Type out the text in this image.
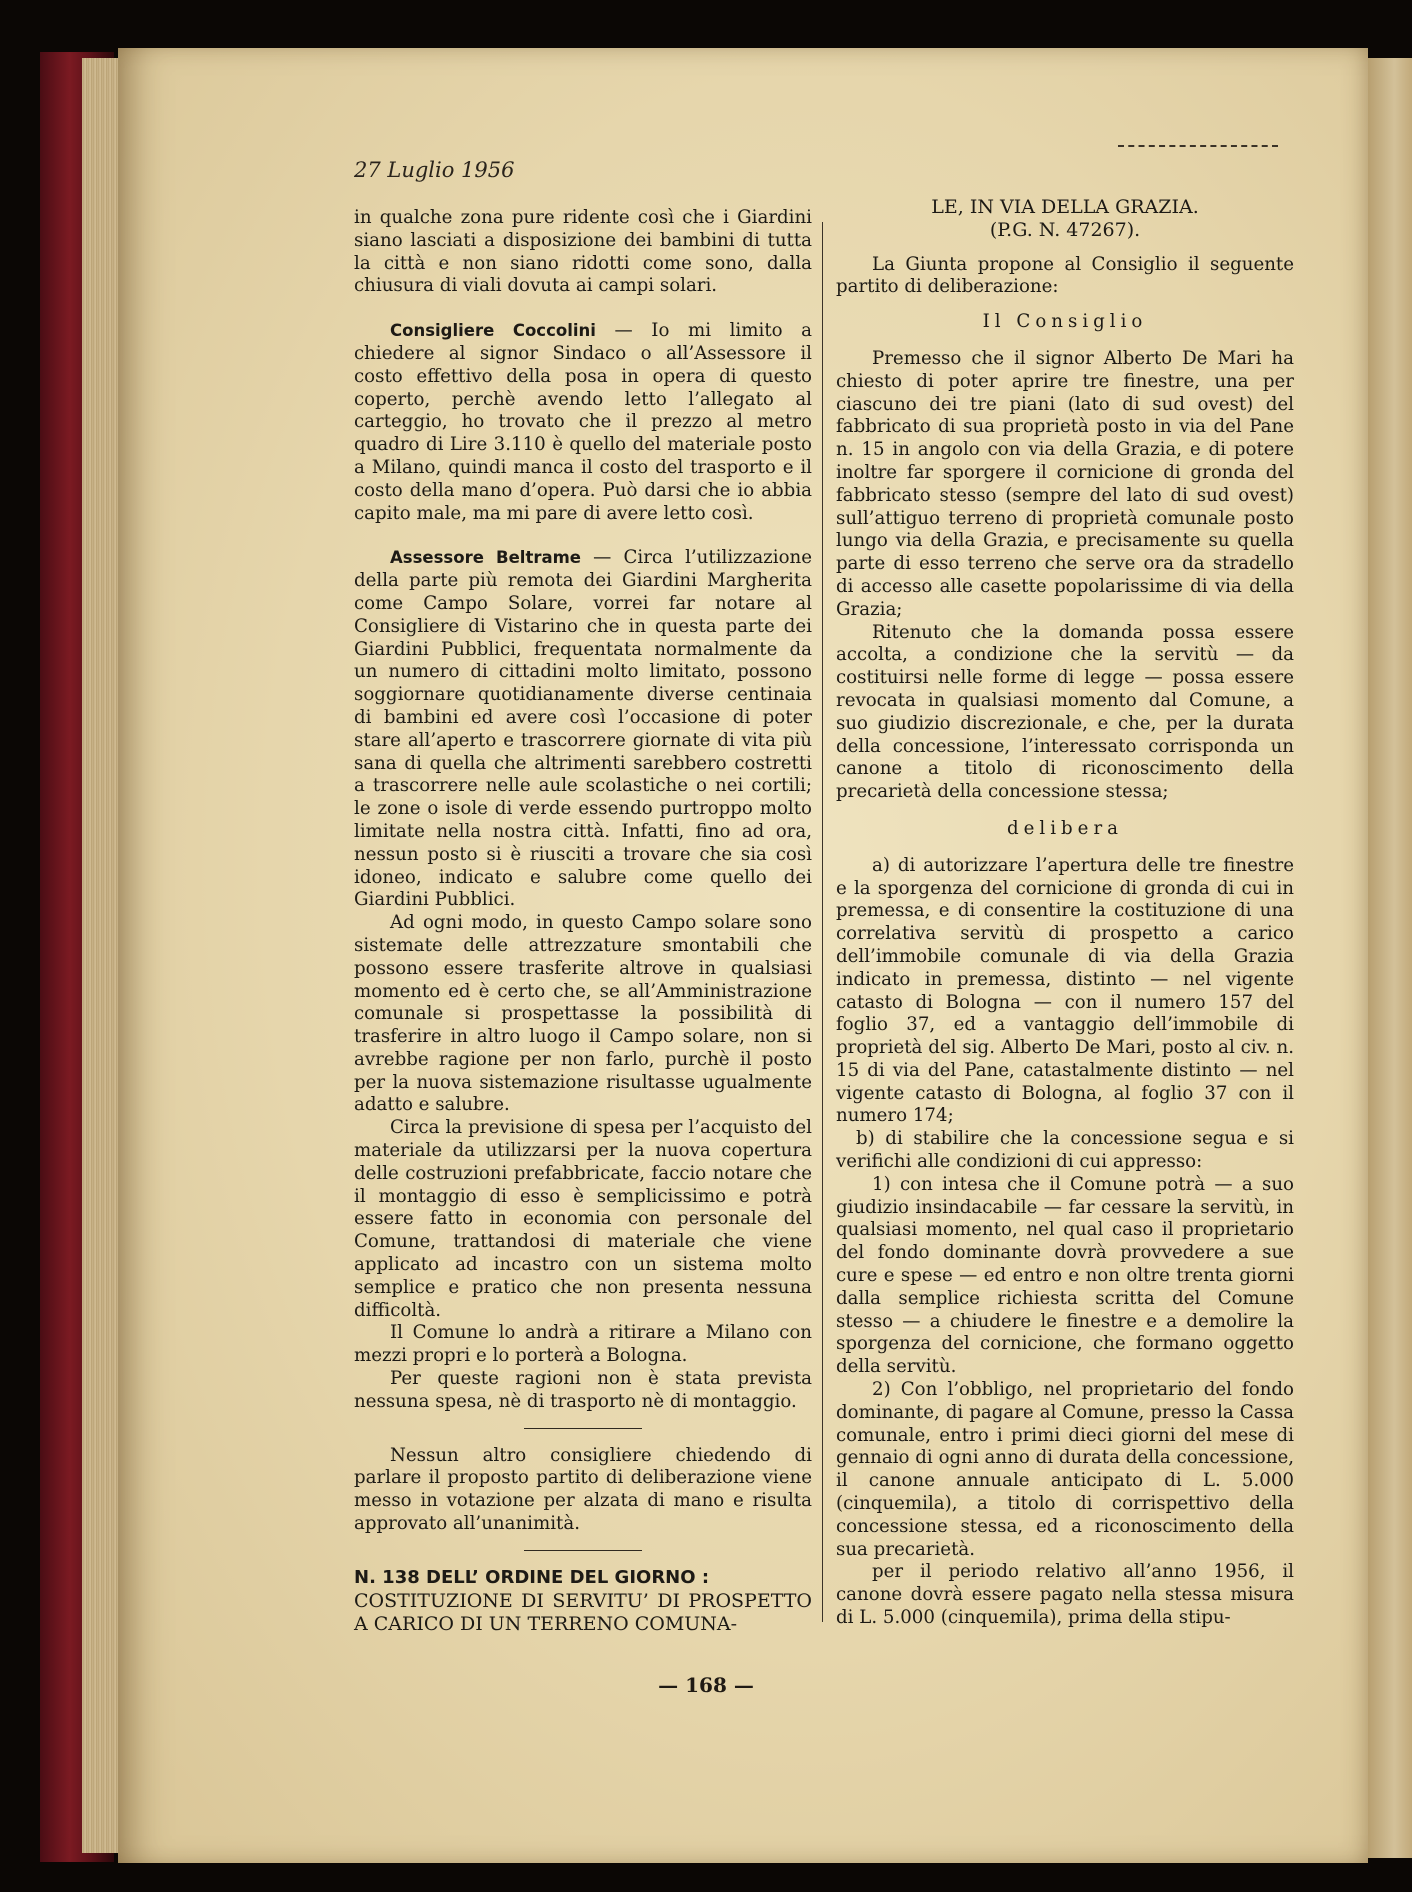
27 Luglio 1956

in qualche zona pure ridente così che i Giardini siano lasciati a disposizione dei bambini di tutta la città e non siano ridotti come sono, dalla chiusura di viali dovuta ai campi solari.

Consigliere Coccolini — Io mi limito a chiedere al signor Sindaco o all’Assessore il costo effettivo della posa in opera di questo coperto, perchè avendo letto l’allegato al carteggio, ho trovato che il prezzo al metro quadro di Lire 3.110 è quello del materiale posto a Milano, quindi manca il costo del trasporto e il costo della mano d’opera. Può darsi che io abbia capito male, ma mi pare di avere letto così.

Assessore Beltrame — Circa l’utilizzazione della parte più remota dei Giardini Margherita come Campo Solare, vorrei far notare al Consigliere di Vistarino che in questa parte dei Giardini Pubblici, frequentata normalmente da un numero di cittadini molto limitato, possono soggiornare quotidianamente diverse centinaia di bambini ed avere così l’occasione di poter stare all’aperto e trascorrere giornate di vita più sana di quella che altrimenti sarebbero costretti a trascorrere nelle aule scolastiche o nei cortili; le zone o isole di verde essendo purtroppo molto limitate nella nostra città. Infatti, fino ad ora, nessun posto si è riusciti a trovare che sia così idoneo, indicato e salubre come quello dei Giardini Pubblici.

Ad ogni modo, in questo Campo solare sono sistemate delle attrezzature smontabili che possono essere trasferite altrove in qualsiasi momento ed è certo che, se all’Amministrazione comunale si prospettasse la possibilità di trasferire in altro luogo il Campo solare, non si avrebbe ragione per non farlo, purchè il posto per la nuova sistemazione risultasse ugualmente adatto e salubre.

Circa la previsione di spesa per l’acquisto del materiale da utilizzarsi per la nuova copertura delle costruzioni prefabbricate, faccio notare che il montaggio di esso è semplicissimo e potrà essere fatto in economia con personale del Comune, trattandosi di materiale che viene applicato ad incastro con un sistema molto semplice e pratico che non presenta nessuna difficoltà.

Il Comune lo andrà a ritirare a Milano con mezzi propri e lo porterà a Bologna.

Per queste ragioni non è stata prevista nessuna spesa, nè di trasporto nè di montaggio.

Nessun altro consigliere chiedendo di parlare il proposto partito di deliberazione viene messo in votazione per alzata di mano e risulta approvato all’unanimità.

N. 138 DELL’ ORDINE DEL GIORNO :

COSTITUZIONE DI SERVITU’ DI PROSPETTO A CARICO DI UN TERRENO COMUNA-

LE, IN VIA DELLA GRAZIA.

(P.G. N. 47267).

La Giunta propone al Consiglio il seguente partito di deliberazione:

Il Consiglio

Premesso che il signor Alberto De Mari ha chiesto di poter aprire tre finestre, una per ciascuno dei tre piani (lato di sud ovest) del fabbricato di sua proprietà posto in via del Pane n. 15 in angolo con via della Grazia, e di potere inoltre far sporgere il cornicione di gronda del fabbricato stesso (sempre del lato di sud ovest) sull’attiguo terreno di proprietà comunale posto lungo via della Grazia, e precisamente su quella parte di esso terreno che serve ora da stradello di accesso alle casette popolarissime di via della Grazia;

Ritenuto che la domanda possa essere accolta, a condizione che la servitù — da costituirsi nelle forme di legge — possa essere revocata in qualsiasi momento dal Comune, a suo giudizio discrezionale, e che, per la durata della concessione, l’interessato corrisponda un canone a titolo di riconoscimento della precarietà della concessione stessa;

delibera

a) di autorizzare l’apertura delle tre finestre e la sporgenza del cornicione di gronda di cui in premessa, e di consentire la costituzione di una correlativa servitù di prospetto a carico dell’immobile comunale di via della Grazia indicato in premessa, distinto — nel vigente catasto di Bologna — con il numero 157 del foglio 37, ed a vantaggio dell’immobile di proprietà del sig. Alberto De Mari, posto al civ. n. 15 di via del Pane, catastalmente distinto — nel vigente catasto di Bologna, al foglio 37 con il numero 174;

b) di stabilire che la concessione segua e si verifichi alle condizioni di cui appresso:

1) con intesa che il Comune potrà — a suo giudizio insindacabile — far cessare la servitù, in qualsiasi momento, nel qual caso il proprietario del fondo dominante dovrà provvedere a sue cure e spese — ed entro e non oltre trenta giorni dalla semplice richiesta scritta del Comune stesso — a chiudere le finestre e a demolire la sporgenza del cornicione, che formano oggetto della servitù.

2) Con l’obbligo, nel proprietario del fondo dominante, di pagare al Comune, presso la Cassa comunale, entro i primi dieci giorni del mese di gennaio di ogni anno di durata della concessione, il canone annuale anticipato di L. 5.000 (cinquemila), a titolo di corrispettivo della concessione stessa, ed a riconoscimento della sua precarietà.

per il periodo relativo all’anno 1956, il canone dovrà essere pagato nella stessa misura di L. 5.000 (cinquemila), prima della stipu-

— 168 —
